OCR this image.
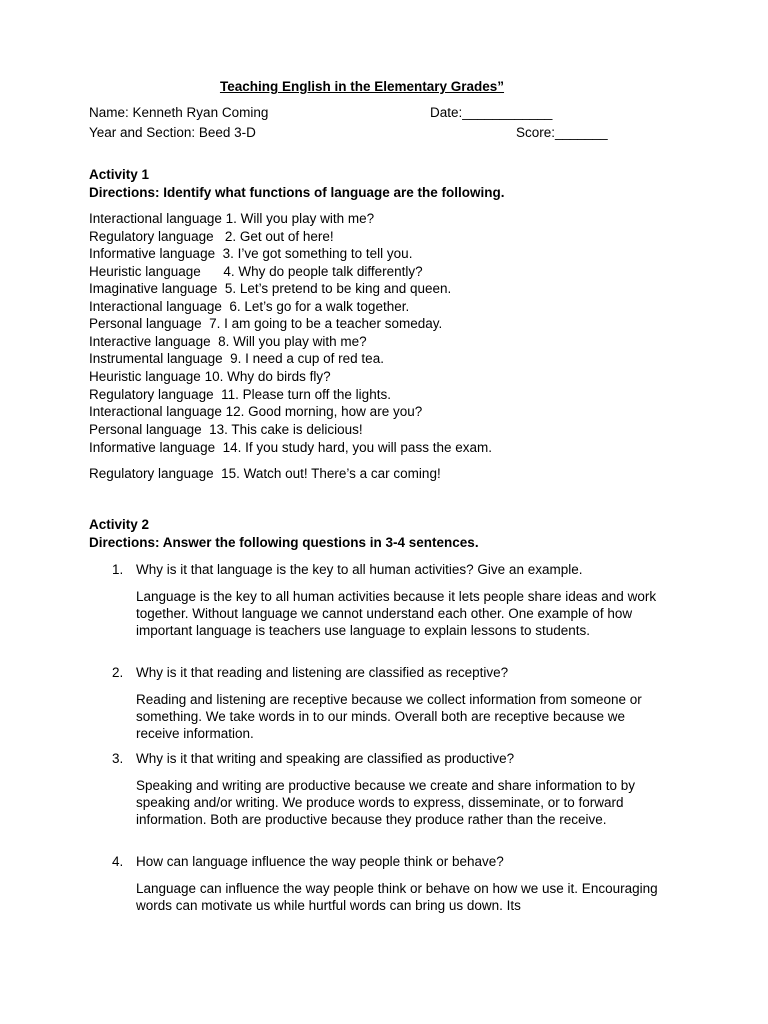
Teaching English in the Elementary Grades”
Name: Kenneth Ryan Coming	Date:____________
Year and Section: Beed 3-D	Score:_______
Activity 1
Directions: Identify what functions of language are the following.
Interactional language 1. Will you play with me?
Regulatory language   2. Get out of here!
Informative language  3. I’ve got something to tell you.
Heuristic language      4. Why do people talk differently?
Imaginative language  5. Let’s pretend to be king and queen.
Interactional language  6. Let’s go for a walk together.
Personal language  7. I am going to be a teacher someday.
Interactive language  8. Will you play with me?
Instrumental language  9. I need a cup of red tea.
Heuristic language 10. Why do birds fly?
Regulatory language  11. Please turn off the lights.
Interactional language 12. Good morning, how are you?
Personal language  13. This cake is delicious!
Informative language  14. If you study hard, you will pass the exam.
Regulatory language  15. Watch out! There’s a car coming!
Activity 2
Directions: Answer the following questions in 3-4 sentences.
1. Why is it that language is the key to all human activities? Give an example.
Language is the key to all human activities because it lets people share ideas and work together. Without language we cannot understand each other. One example of how important language is teachers use language to explain lessons to students.
2. Why is it that reading and listening are classified as receptive?
Reading and listening are receptive because we collect information from someone or something. We take words in to our minds. Overall both are receptive because we receive information.
3. Why is it that writing and speaking are classified as productive?
Speaking and writing are productive because we create and share information to by speaking and/or writing. We produce words to express, disseminate, or to forward information. Both are productive because they produce rather than the receive.
4. How can language influence the way people think or behave?
Language can influence the way people think or behave on how we use it. Encouraging words can motivate us while hurtful words can bring us down. Its
